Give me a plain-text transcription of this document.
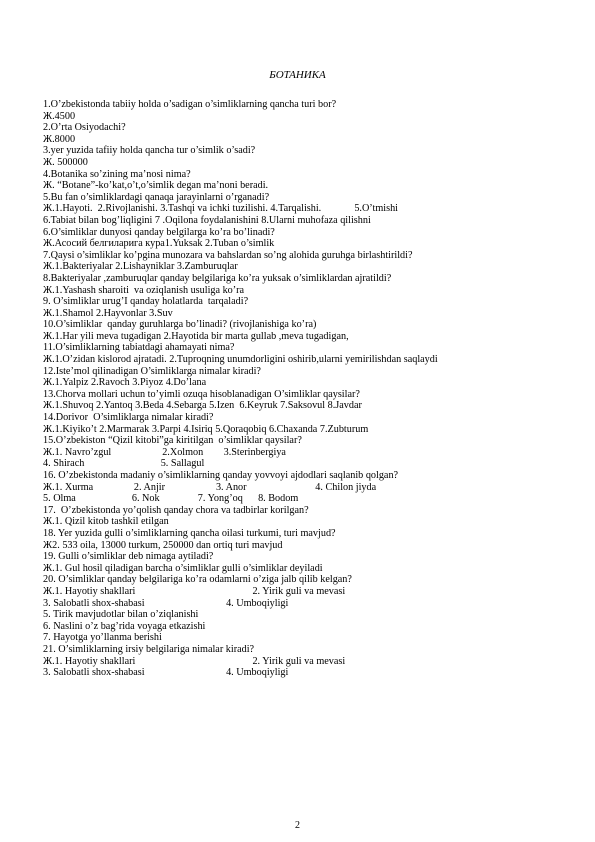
БОТАНИКА
1.O’zbekistonda tabiiy holda o’sadigan o’simliklarning qancha turi bor?
Ж.4500
2.O’rta Osiyodachi?
Ж.8000
3.yer yuzida tafiiy holda qancha tur o’simlik o’sadi?
Ж. 500000
4.Botanika so’zining ma’nosi nima?
Ж. “Botane”-ko’kat,o’t,o’simlik degan ma’noni beradi.
5.Bu fan o’simliklardagi qanaqa jarayinlarni o’rganadi?
Ж.1.Hayoti.  2.Rivojlanishi. 3.Tashqi va ichki tuzilishi. 4.Tarqalishi.             5.O’tmishi
6.Tabiat bilan bog’liqligini 7 .Oqilona foydalanishini 8.Ularni muhofaza qilishni
6.O’simliklar dunyosi qanday belgilarga ko’ra bo’linadi?
Ж.Асосий белгиларига кура1.Yuksak 2.Tuban o’simlik
7.Qaysi o’simliklar ko’pgina munozara va bahslardan so’ng alohida guruhga birlashtirildi?
Ж.1.Bakteriyalar 2.Lishayniklar 3.Zamburuqlar
8.Bakteriyalar ,zamburuqlar qanday belgilariga ko’ra yuksak o’simliklardan ajratildi?
Ж.1.Yashash sharoiti  va oziqlanish usuliga ko’ra
9. O’simliklar urug’I qanday holatlarda  tarqaladi?
Ж.1.Shamol 2.Hayvonlar 3.Suv
10.O’simliklar  qanday guruhlarga bo’linadi? (rivojlanishiga ko’ra)
Ж.1.Har yili meva tugadigan 2.Hayotida bir marta gullab ,meva tugadigan,
11.O’simliklarning tabiatdagi ahamayati nima?
Ж.1.O’zidan kislorod ajratadi. 2.Tuproqning unumdorligini oshirib,ularni yemirilishdan saqlaydi
12.Iste’mol qilinadigan O’simliklarga nimalar kiradi?
Ж.1.Yalpiz 2.Ravoch 3.Piyoz 4.Do’lana
13.Chorva mollari uchun to’yimli ozuqa hisoblanadigan O’simliklar qaysilar?
Ж.1.Shuvoq 2.Yantoq 3.Beda 4.Sebarga 5.Izen  6.Keyruk 7.Saksovul 8.Javdar
14.Dorivor  O’simliklarga nimalar kiradi?
Ж.1.Kiyiko’t 2.Marmarak 3.Parpi 4.Isiriq 5.Qoraqobiq 6.Chaxanda 7.Zubturum
15.O’zbekiston “Qizil kitobi”ga kiritilgan  o’simliklar qaysilar?
Ж.1. Navro’zgul                    2.Xolmon        3.Sterinbergiya
4. Shirach                              5. Sallagul
16. O’zbekistonda madaniy o’simliklarning qanday yovvoyi ajdodlari saqlanib qolgan?
Ж.1. Xurma                2. Anjir                    3. Anor                           4. Chilon jiyda
5. Olma                      6. Nok               7. Yong’oq      8. Bodom
17.  O’zbekistonda yo’qolish qanday chora va tadbirlar korilgan?
Ж.1. Qizil kitob tashkil etilgan
18. Yer yuzida gulli o’simliklarning qancha oilasi turkumi, turi mavjud?
Ж2. 533 oila, 13000 turkum, 250000 dan ortiq turi mavjud
19. Gulli o’simliklar deb nimaga aytiladi?
Ж.1. Gul hosil qiladigan barcha o’simliklar gulli o’simliklar deyiladi
20. O’simliklar qanday belgilariga ko’ra odamlarni o’ziga jalb qilib kelgan?
Ж.1. Hayotiy shakllari                                              2. Yirik guli va mevasi
3. Salobatli shox-shabasi                                4. Umboqiyligi
5. Tirik mavjudotlar bilan o’ziqlanishi
6. Naslini o’z bag’rida voyaga etkazishi
7. Hayotga yo’llanma berishi
21. O’simliklarning irsiy belgilariga nimalar kiradi?
Ж.1. Hayotiy shakllari                                              2. Yirik guli va mevasi
3. Salobatli shox-shabasi                                4. Umboqiyligi
2
